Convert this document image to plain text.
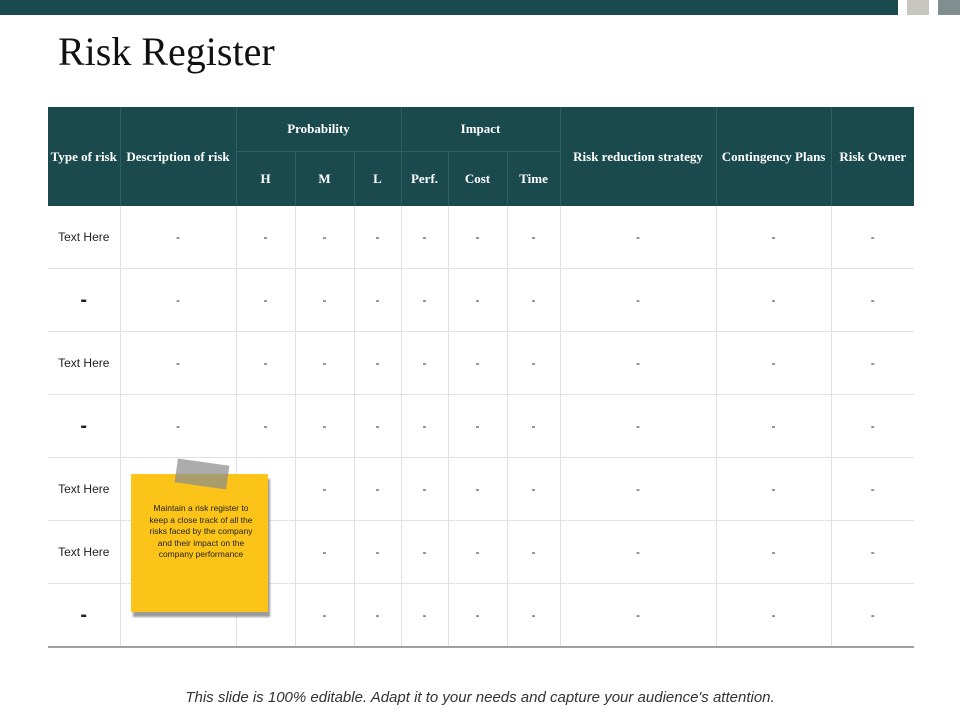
Risk Register
Type of risk	Description of risk	Probability			Impact			Risk reduction strategy	Contingency Plans	Risk Owner
		H	M	L	Perf.	Cost	Time			
Text Here	-	-	-	-	-	-	-	-	-	-
-	-	-	-	-	-	-	-	-	-	-
Text Here	-	-	-	-	-	-	-	-	-	-
-	-	-	-	-	-	-	-	-	-	-
Text Here			-	-	-	-	-	-	-	-
Text Here			-	-	-	-	-	-	-	-
-			-	-	-	-	-	-	-	-
Maintain a risk register to keep a close track of all the risks faced by the company and their impact on the company performance
This slide is 100% editable. Adapt it to your needs and capture your audience's attention.
